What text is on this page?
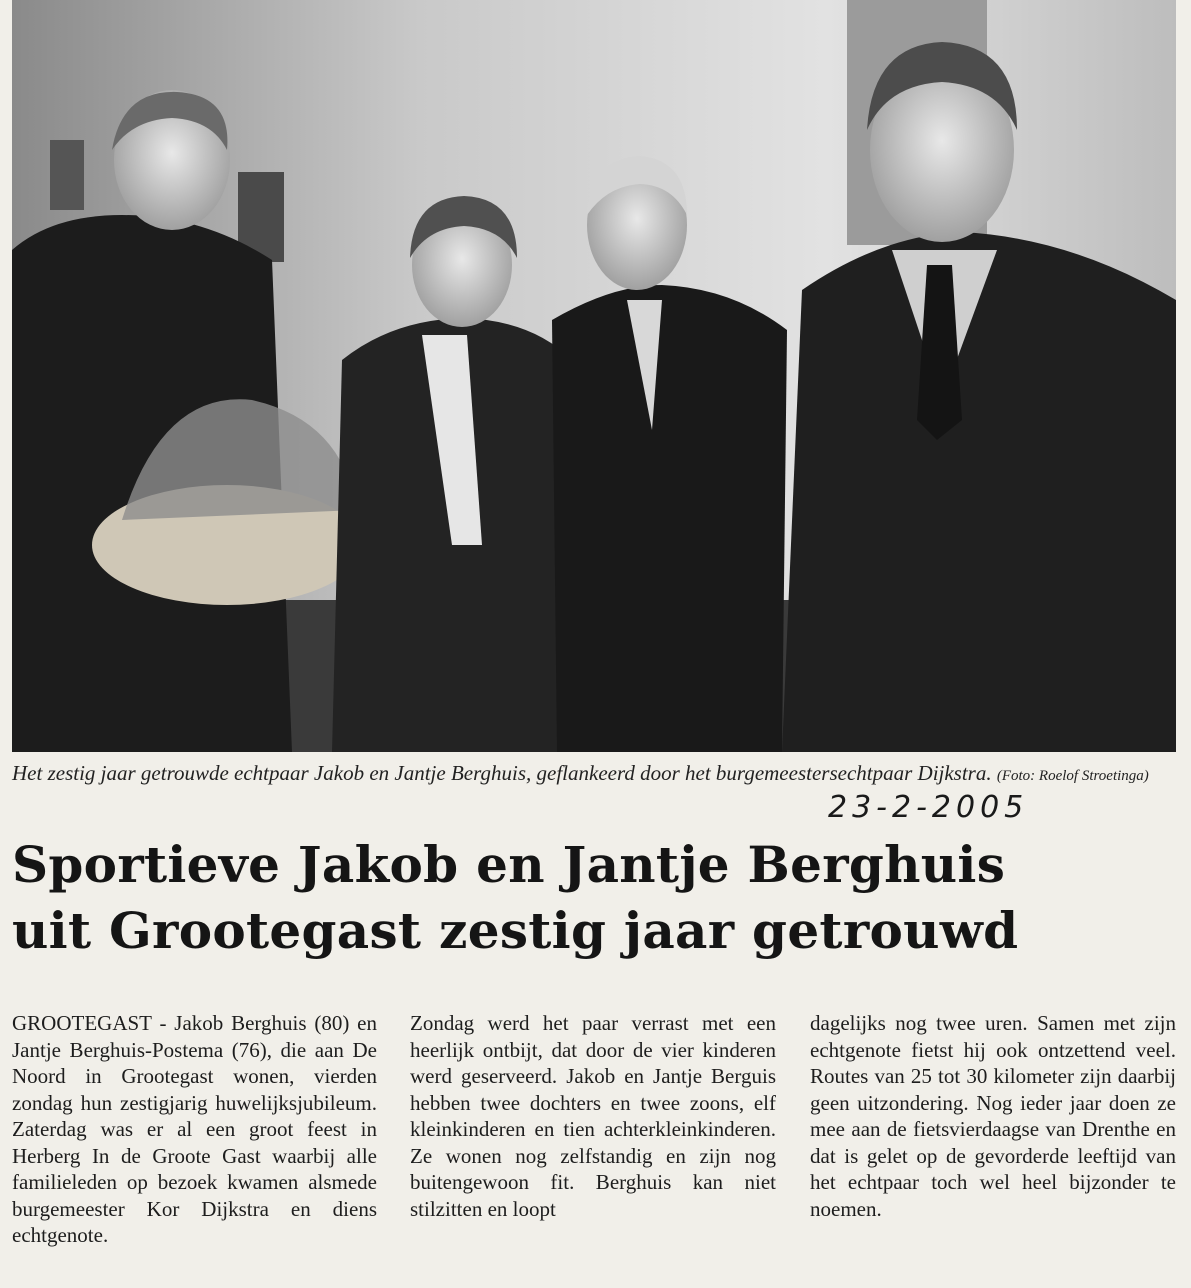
Het zestig jaar getrouwde echtpaar Jakob en Jantje Berghuis, geflankeerd door het burgemeestersechtpaar Dijkstra. (Foto: Roelof Stroetinga)
23-2-2005
Sportieve Jakob en Jantje Berghuis
uit Grootegast zestig jaar getrouwd

GROOTEGAST - Jakob Berghuis (80) en Jantje Berghuis-Postema (76), die aan De Noord in Grootegast wonen, vierden zondag hun zestigjarig huwelijksjubileum. Zaterdag was er al een groot feest in Herberg In de Groote Gast waarbij alle familieleden op bezoek kwamen alsmede burgemeester Kor Dijkstra en diens echtgenote.

Zondag werd het paar verrast met een heerlijk ontbijt, dat door de vier kinderen werd geserveerd. Jakob en Jantje Berguis hebben twee dochters en twee zoons, elf kleinkinderen en tien achterkleinkinderen. Ze wonen nog zelfstandig en zijn nog buitengewoon fit. Berghuis kan niet stilzitten en loopt

dagelijks nog twee uren. Samen met zijn echtgenote fietst hij ook ontzettend veel. Routes van 25 tot 30 kilometer zijn daarbij geen uitzondering. Nog ieder jaar doen ze mee aan de fietsvierdaagse van Drenthe en dat is gelet op de gevorderde leeftijd van het echtpaar toch wel heel bijzonder te noemen.
